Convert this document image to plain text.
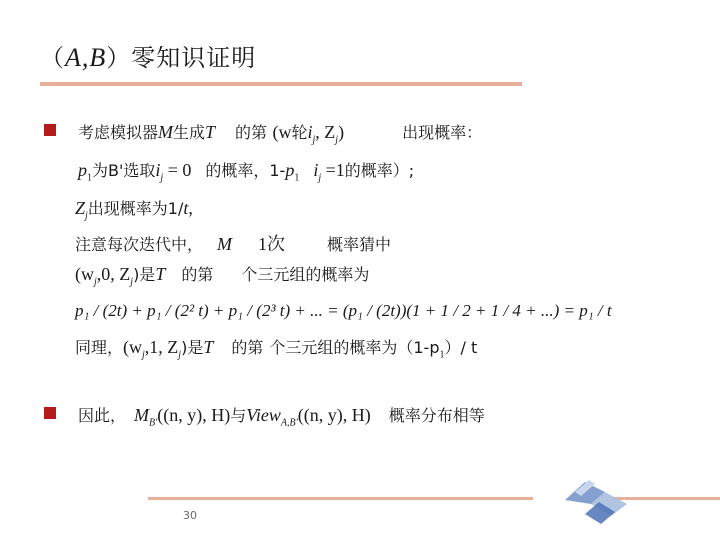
（A,B）零知识证明
考虑模拟器M生成T 的第 (w轮$i_j$, $Z_j$)	出现概率：
$p_1$为B'选取$i_j = 0$ 的概率，$1-p_1$ $i_j =1$的概率）;
$Z_j$出现概率为1/t,
注意每次迭代中， M 1次	概率猜中
($w_j,0$, $Z_j$)是T 的第 个三元组的概率为
p₁ / (2t) + p₁ / (2² t) + p₁ / (2³ t) + ... = (p₁ / (2t))(1 + 1 / 2 + 1 / 4 + ...) = p₁ / t
同理，($w_j,1$, $Z_j$)是T 的第 个三元组的概率为$(1-p_1)/$ t
因此， $M_{B'}((n$, y), H)与View$_{A,B'}$((n, y), H) 概率分布相等
30
